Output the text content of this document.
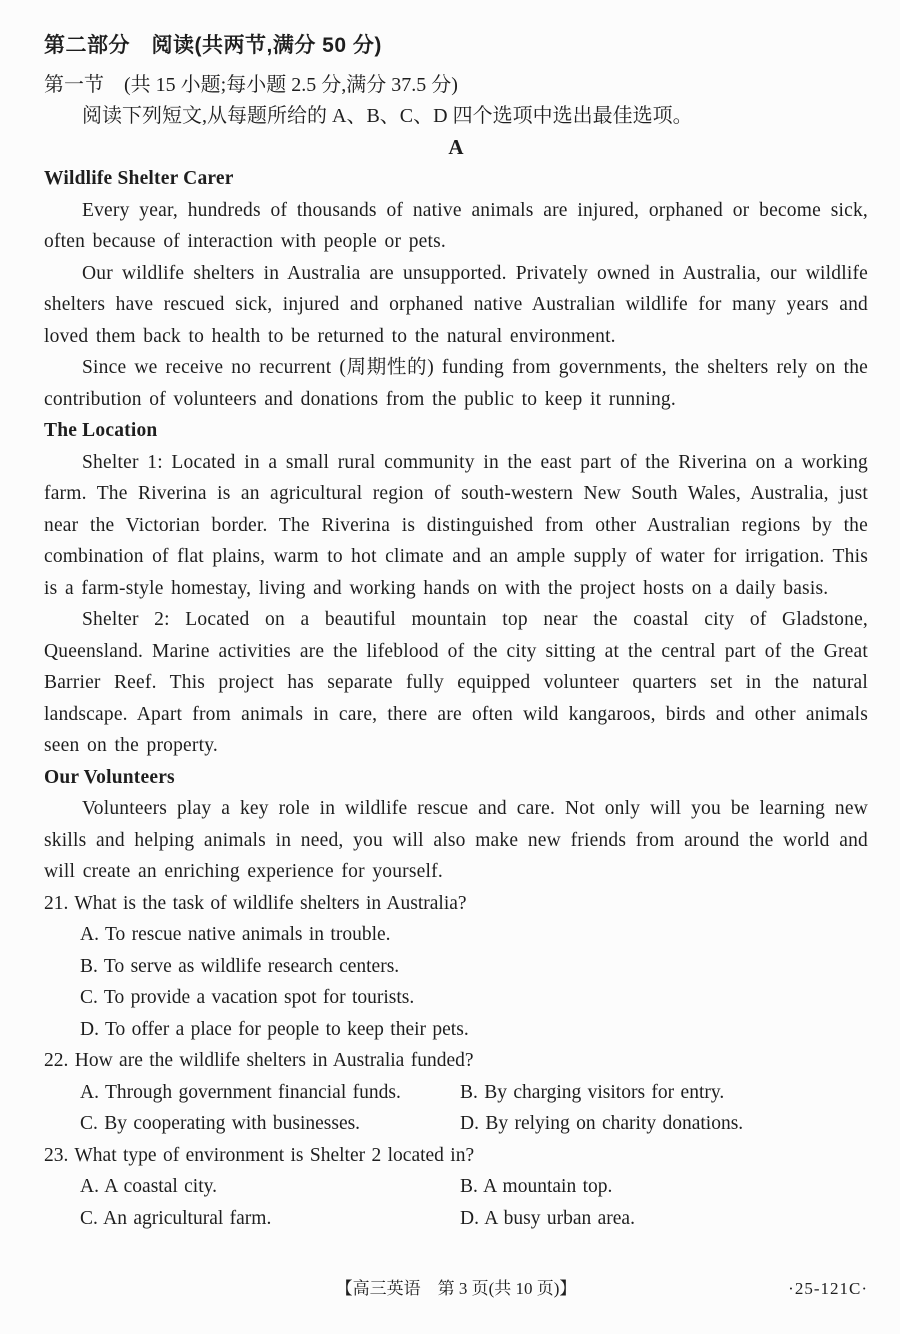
第二部分　阅读(共两节,满分 50 分)
第一节　(共 15 小题;每小题 2.5 分,满分 37.5 分)
阅读下列短文,从每题所给的 A、B、C、D 四个选项中选出最佳选项。
A
Wildlife Shelter Carer

Every year, hundreds of thousands of native animals are injured, orphaned or become sick, often because of interaction with people or pets.

Our wildlife shelters in Australia are unsupported. Privately owned in Australia, our wildlife shelters have rescued sick, injured and orphaned native Australian wildlife for many years and loved them back to health to be returned to the natural environment.

Since we receive no recurrent (周期性的) funding from governments, the shelters rely on the contribution of volunteers and donations from the public to keep it running.

The Location

Shelter 1: Located in a small rural community in the east part of the Riverina on a working farm. The Riverina is an agricultural region of south-western New South Wales, Australia, just near the Victorian border. The Riverina is distinguished from other Australian regions by the combination of flat plains, warm to hot climate and an ample supply of water for irrigation. This is a farm-style homestay, living and working hands on with the project hosts on a daily basis.

Shelter 2: Located on a beautiful mountain top near the coastal city of Gladstone, Queensland. Marine activities are the lifeblood of the city sitting at the central part of the Great Barrier Reef. This project has separate fully equipped volunteer quarters set in the natural landscape. Apart from animals in care, there are often wild kangaroos, birds and other animals seen on the property.

Our Volunteers

Volunteers play a key role in wildlife rescue and care. Not only will you be learning new skills and helping animals in need, you will also make new friends from around the world and will create an enriching experience for yourself.

21. What is the task of wildlife shelters in Australia?
A. To rescue native animals in trouble.
B. To serve as wildlife research centers.
C. To provide a vacation spot for tourists.
D. To offer a place for people to keep their pets.
22. How are the wildlife shelters in Australia funded?
A. Through government financial funds.	B. By charging visitors for entry.
C. By cooperating with businesses.	D. By relying on charity donations.
23. What type of environment is Shelter 2 located in?
A. A coastal city.	B. A mountain top.
C. An agricultural farm.	D. A busy urban area.
【高三英语　第 3 页(共 10 页)】	·25-121C·
